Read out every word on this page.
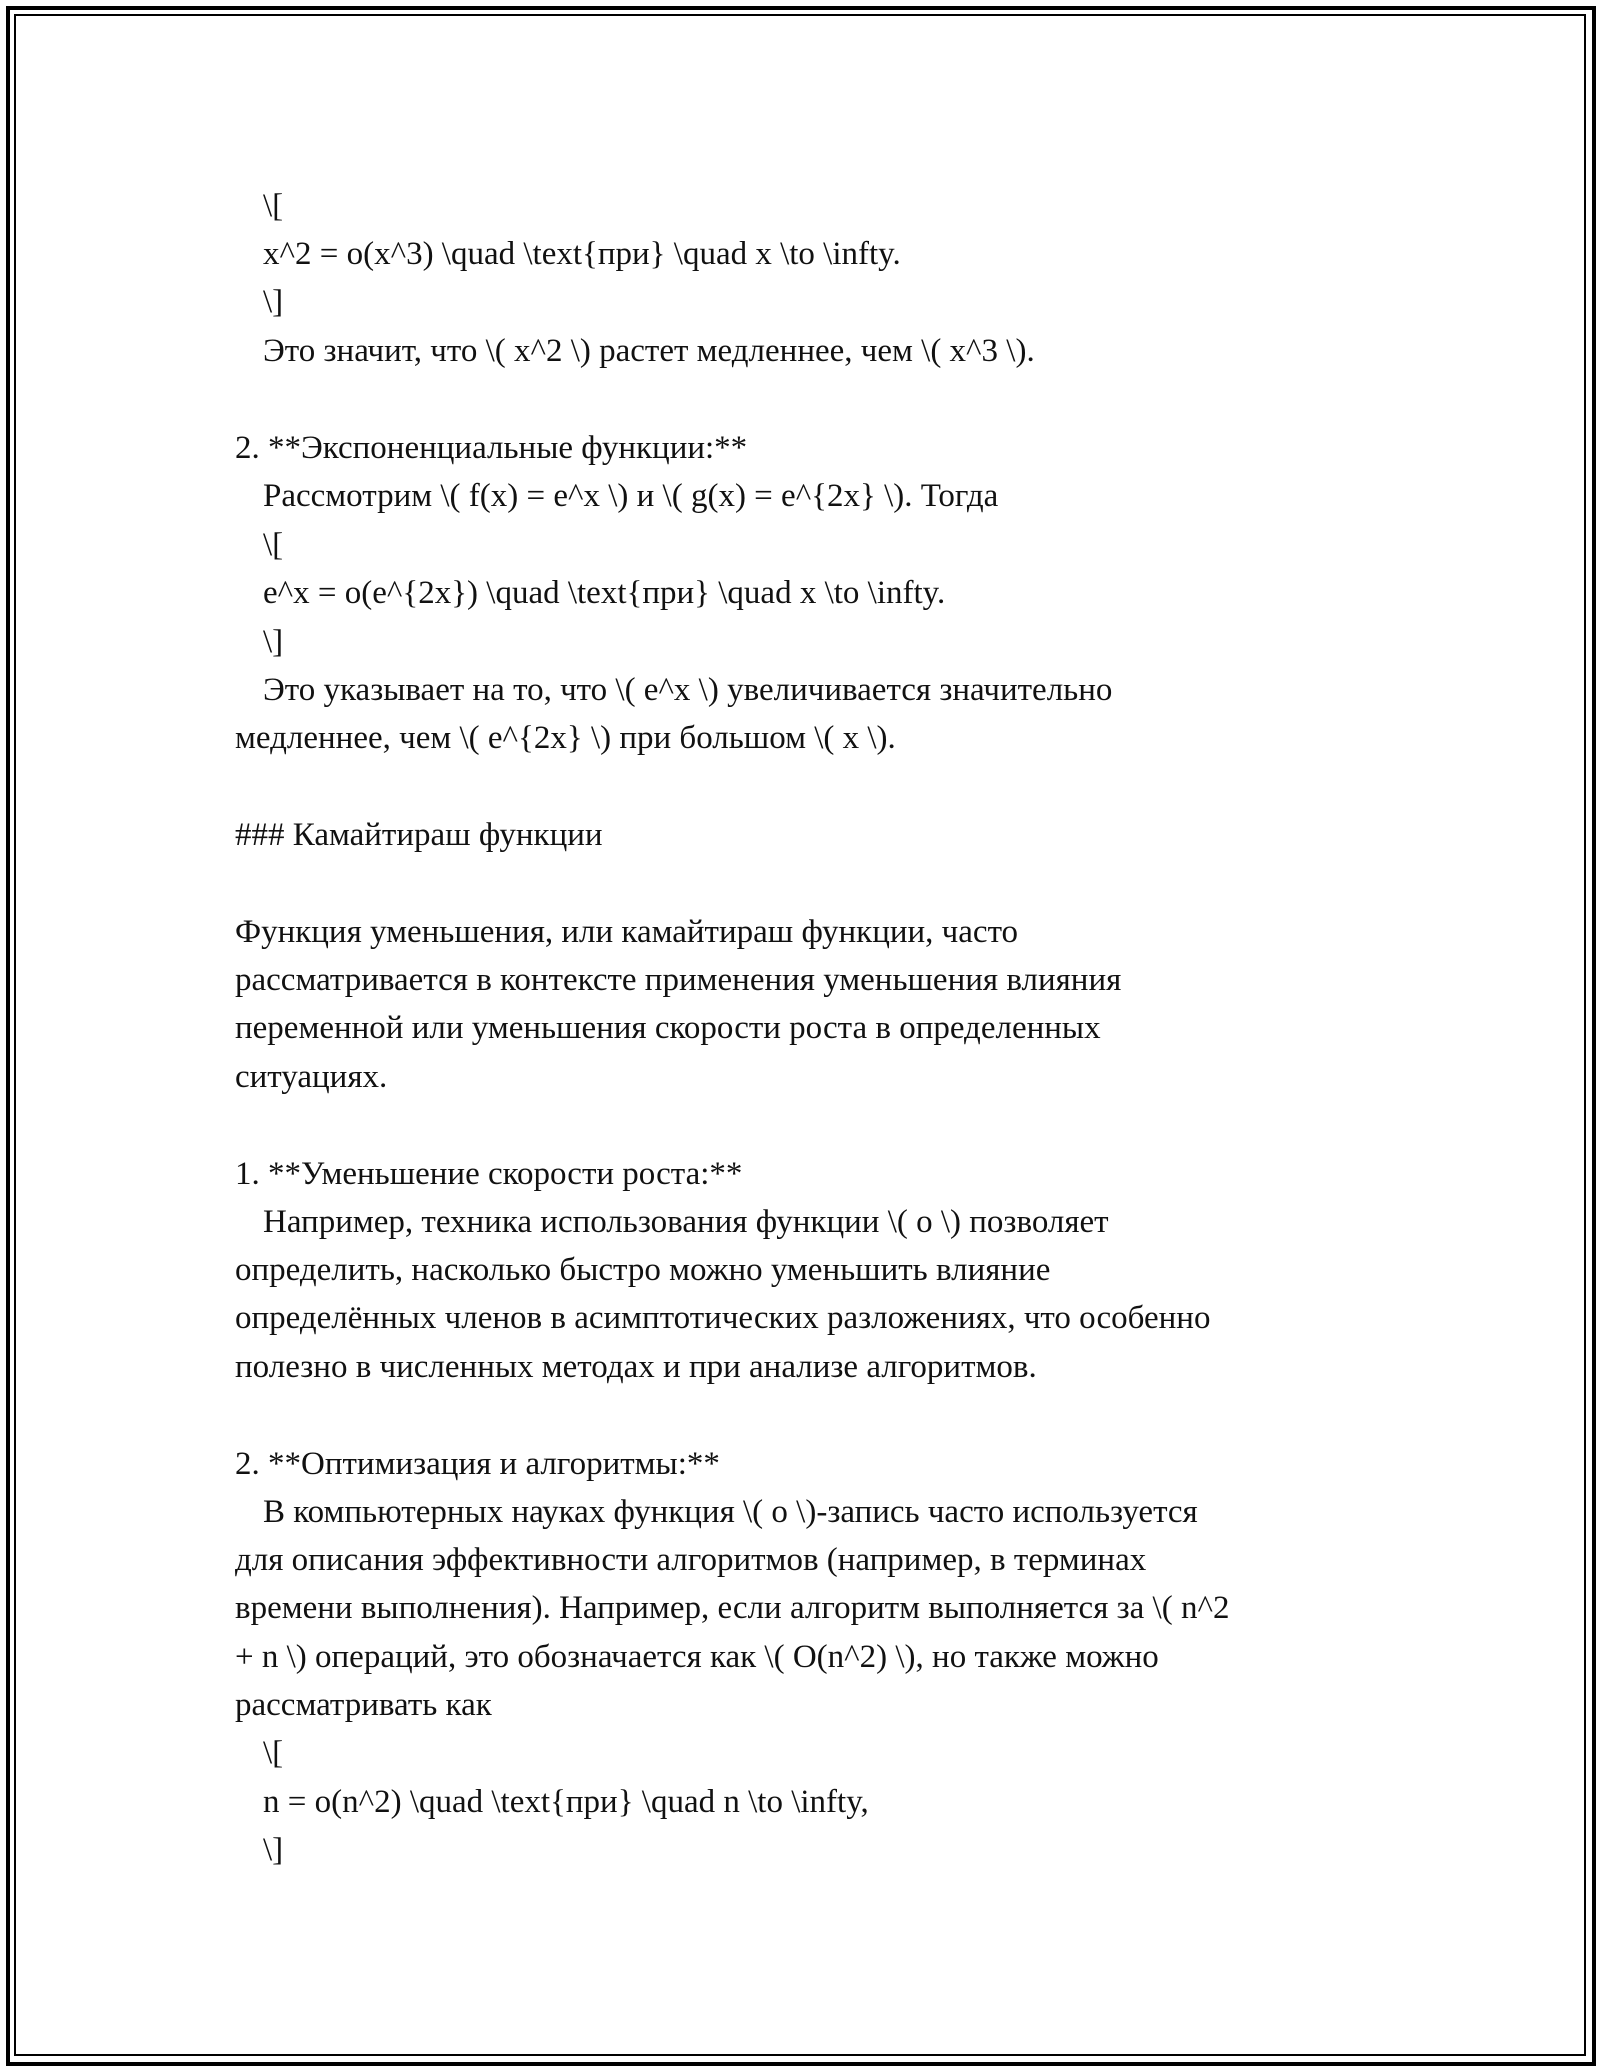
\[
x^2 = o(x^3) \quad \text{при} \quad x \to \infty.
\]
Это значит, что \( x^2 \) растет медленнее, чем \( x^3 \).
2. **Экспоненциальные функции:**
Рассмотрим \( f(x) = e^x \) и \( g(x) = e^{2x} \). Тогда
\[
e^x = o(e^{2x}) \quad \text{при} \quad x \to \infty.
\]
Это указывает на то, что \( e^x \) увеличивается значительно
медленнее, чем \( e^{2x} \) при большом \( x \).
### Камайтираш функции
Функция уменьшения, или камайтираш функции, часто
рассматривается в контексте применения уменьшения влияния
переменной или уменьшения скорости роста в определенных
ситуациях.
1. **Уменьшение скорости роста:**
Например, техника использования функции \( o \) позволяет
определить, насколько быстро можно уменьшить влияние
определённых членов в асимптотических разложениях, что особенно
полезно в численных методах и при анализе алгоритмов.
2. **Оптимизация и алгоритмы:**
В компьютерных науках функция \( o \)-запись часто используется
для описания эффективности алгоритмов (например, в терминах
времени выполнения). Например, если алгоритм выполняется за \( n^2
+ n \) операций, это обозначается как \( O(n^2) \), но также можно
рассматривать как
\[
n = o(n^2) \quad \text{при} \quad n \to \infty,
\]
